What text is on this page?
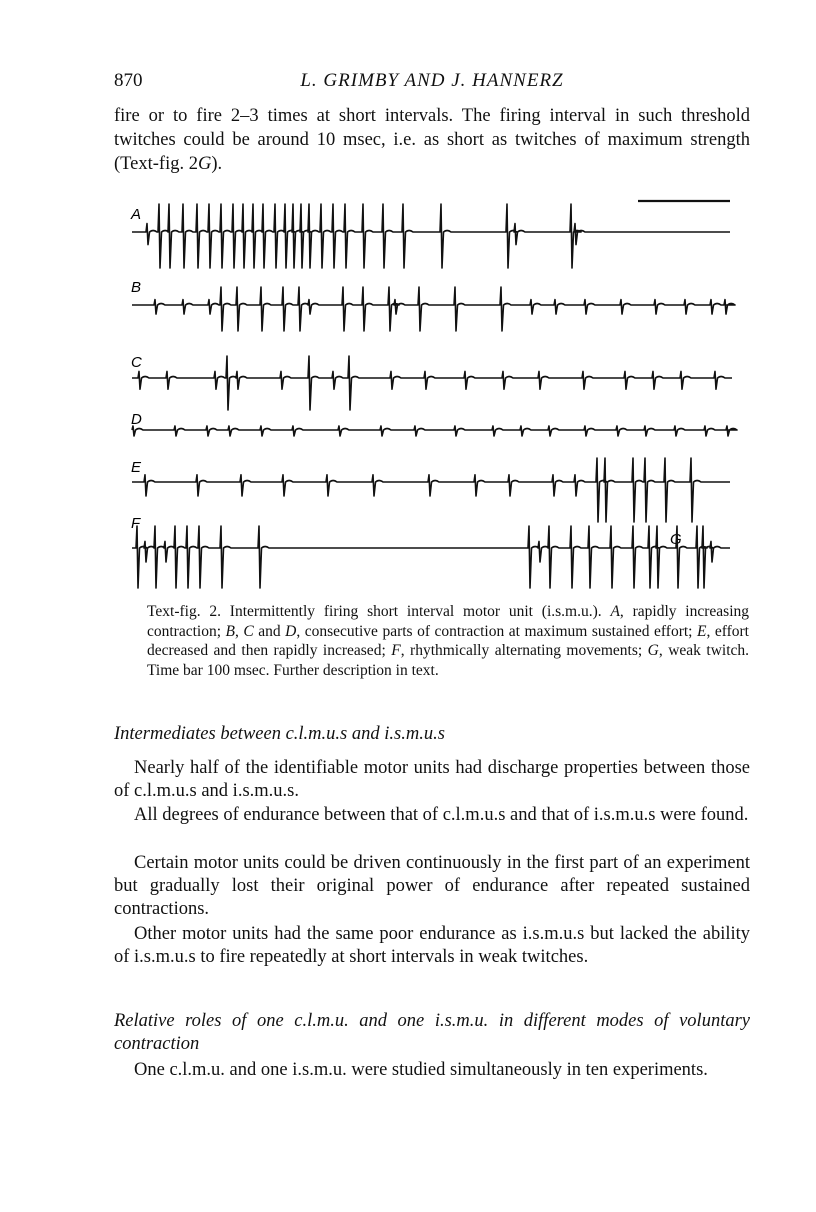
870	L. GRIMBY AND J. HANNERZ
fire or to fire 2–3 times at short intervals. The firing interval in such threshold twitches could be around 10 msec, i.e. as short as twitches of maximum strength (Text-fig. 2G).
A
B
C
D
E
F
G
Text-fig. 2. Intermittently firing short interval motor unit (i.s.m.u.). A, rapidly increasing contraction; B, C and D, consecutive parts of contraction at maximum sustained effort; E, effort decreased and then rapidly increased; F, rhythmically alternating movements; G, weak twitch. Time bar 100 msec. Further description in text.
Intermediates between c.l.m.u.s and i.s.m.u.s
Nearly half of the identifiable motor units had discharge properties between those of c.l.m.u.s and i.s.m.u.s.
All degrees of endurance between that of c.l.m.u.s and that of i.s.m.u.s were found.
Certain motor units could be driven continuously in the first part of an experiment but gradually lost their original power of endurance after repeated sustained contractions.
Other motor units had the same poor endurance as i.s.m.u.s but lacked the ability of i.s.m.u.s to fire repeatedly at short intervals in weak twitches.
Relative roles of one c.l.m.u. and one i.s.m.u. in different modes of voluntary contraction
One c.l.m.u. and one i.s.m.u. were studied simultaneously in ten experiments.
